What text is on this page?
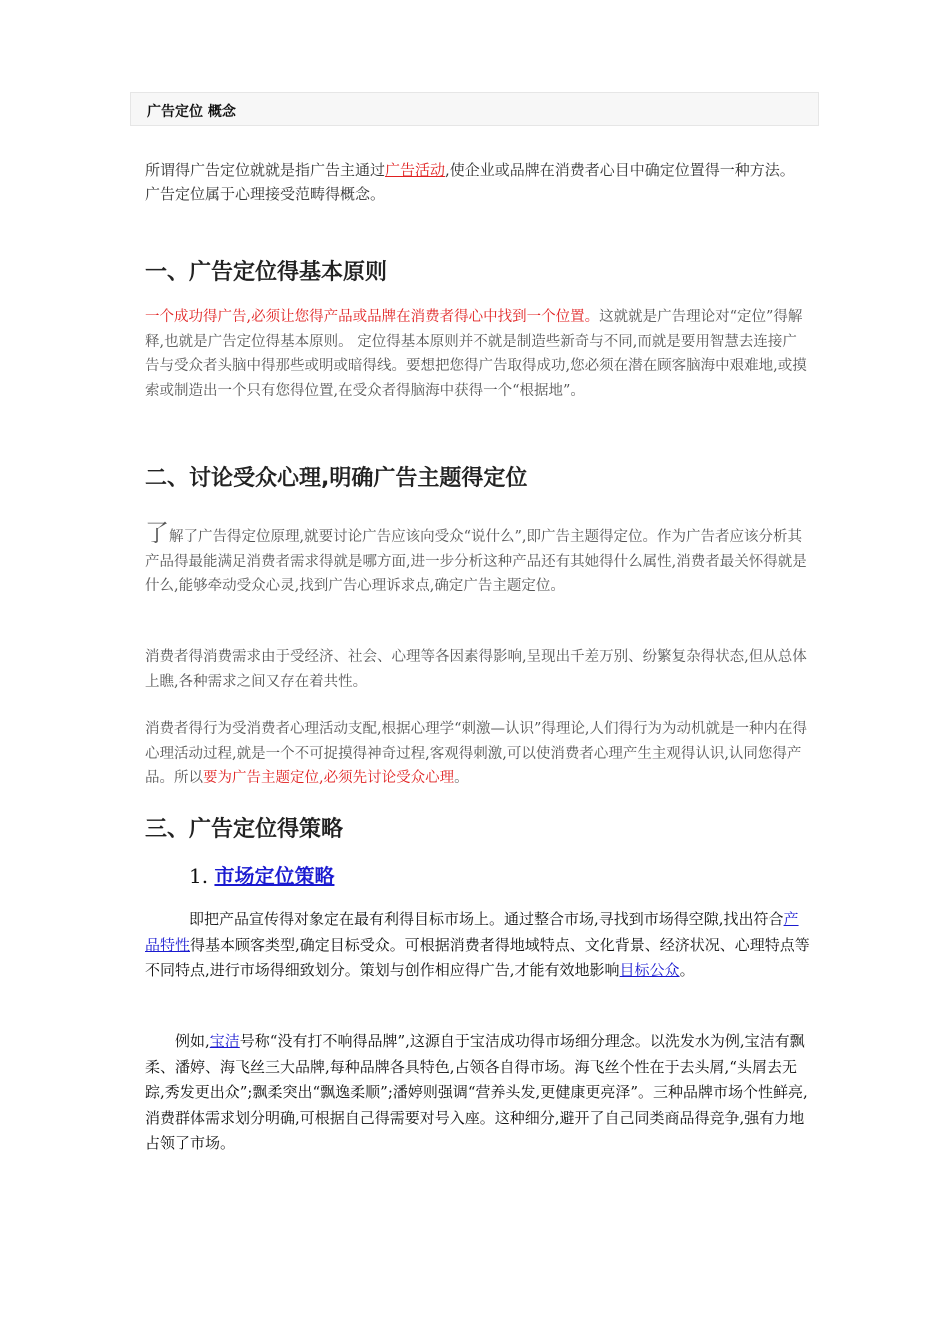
广告定位 概念

所谓得广告定位就就是指广告主通过广告活动,使企业或品牌在消费者心目中确定位置得一种方法。
广告定位属于心理接受范畴得概念。

一、广告定位得基本原则

一个成功得广告,必须让您得产品或品牌在消费者得心中找到一个位置。这就就是广告理论对“定位”得解释,也就是广告定位得基本原则。 定位得基本原则并不就是制造些新奇与不同,而就是要用智慧去连接广告与受众者头脑中得那些或明或暗得线。要想把您得广告取得成功,您必须在潜在顾客脑海中艰难地,或摸索或制造出一个只有您得位置,在受众者得脑海中获得一个“根据地”。

二、讨论受众心理,明确广告主题得定位

了解了广告得定位原理,就要讨论广告应该向受众“说什么”,即广告主题得定位。作为广告者应该分析其产品得最能满足消费者需求得就是哪方面,进一步分析这种产品还有其她得什么属性,消费者最关怀得就是什么,能够牵动受众心灵,找到广告心理诉求点,确定广告主题定位。

消费者得消费需求由于受经济、社会、心理等各因素得影响,呈现出千差万别、纷繁复杂得状态,但从总体上瞧,各种需求之间又存在着共性。

消费者得行为受消费者心理活动支配,根据心理学“刺激—认识”得理论,人们得行为为动机就是一种内在得心理活动过程,就是一个不可捉摸得神奇过程,客观得刺激,可以使消费者心理产生主观得认识,认同您得产品。所以要为广告主题定位,必须先讨论受众心理。

三、广告定位得策略
1. 市场定位策略

即把产品宣传得对象定在最有利得目标市场上。通过整合市场,寻找到市场得空隙,找出符合产品特性得基本顾客类型,确定目标受众。可根据消费者得地域特点、文化背景、经济状况、心理特点等不同特点,进行市场得细致划分。策划与创作相应得广告,才能有效地影响目标公众。

例如,宝洁号称“没有打不响得品牌”,这源自于宝洁成功得市场细分理念。以洗发水为例,宝洁有飘柔、潘婷、海飞丝三大品牌,每种品牌各具特色,占领各自得市场。海飞丝个性在于去头屑,“头屑去无踪,秀发更出众”;飘柔突出“飘逸柔顺”;潘婷则强调“营养头发,更健康更亮泽”。三种品牌市场个性鲜亮,消费群体需求划分明确,可根据自己得需要对号入座。这种细分,避开了自己同类商品得竞争,强有力地占领了市场。
